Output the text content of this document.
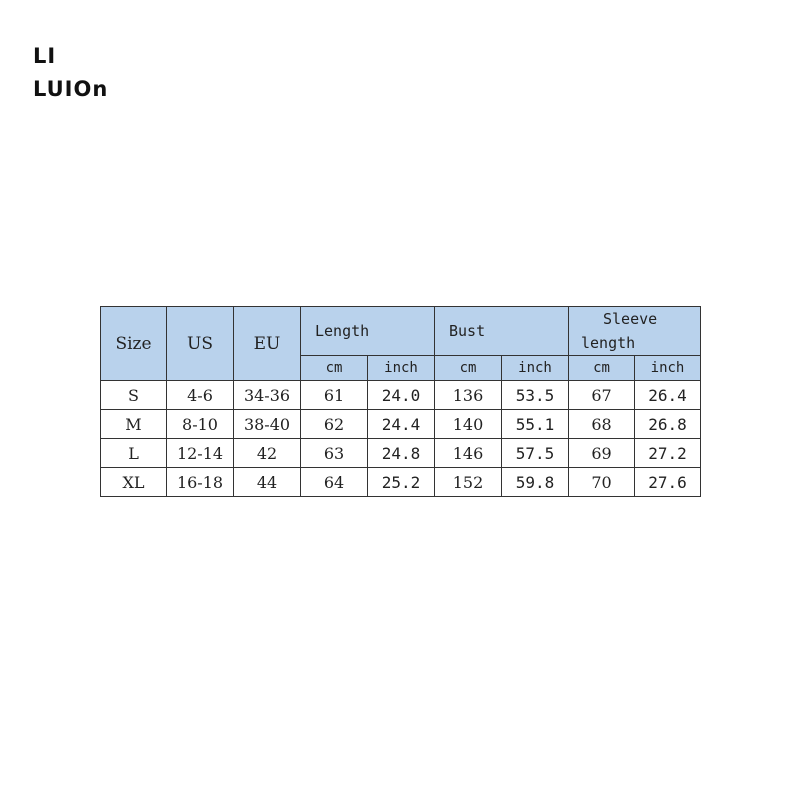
LI
LUIOn
Size	US	EU	Length		Bust		Sleeve
length	

			cm	inch	cm	inch	cm	inch
S	4-6	34-36	61	24.0	136	53.5	67	26.4
M	8-10	38-40	62	24.4	140	55.1	68	26.8
L	12-14	42	63	24.8	146	57.5	69	27.2
XL	16-18	44	64	25.2	152	59.8	70	27.6
